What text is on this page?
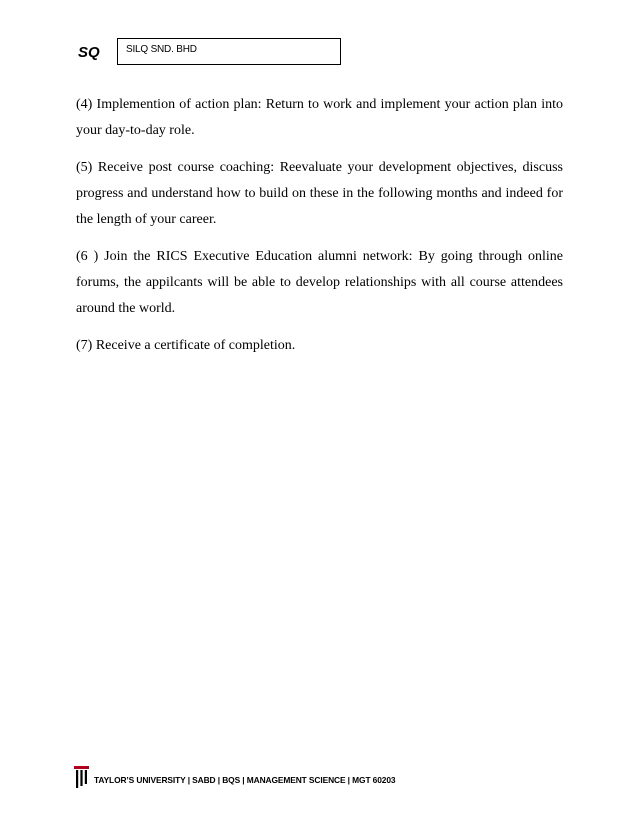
SQ	SILQ SND. BHD

(4) Implemention of action plan: Return to work and implement your action plan into your day-to-day role.

(5) Receive post course coaching: Reevaluate your development objectives, discuss progress and understand how to build on these in the following months and indeed for the length of your career.

(6 ) Join the RICS Executive Education alumni network: By going through online forums, the appilcants will be able to develop relationships with all course attendees around the world.

(7) Receive a certificate of completion.

TAYLOR’S UNIVERSITY | SABD | BQS | MANAGEMENT SCIENCE | MGT 60203
